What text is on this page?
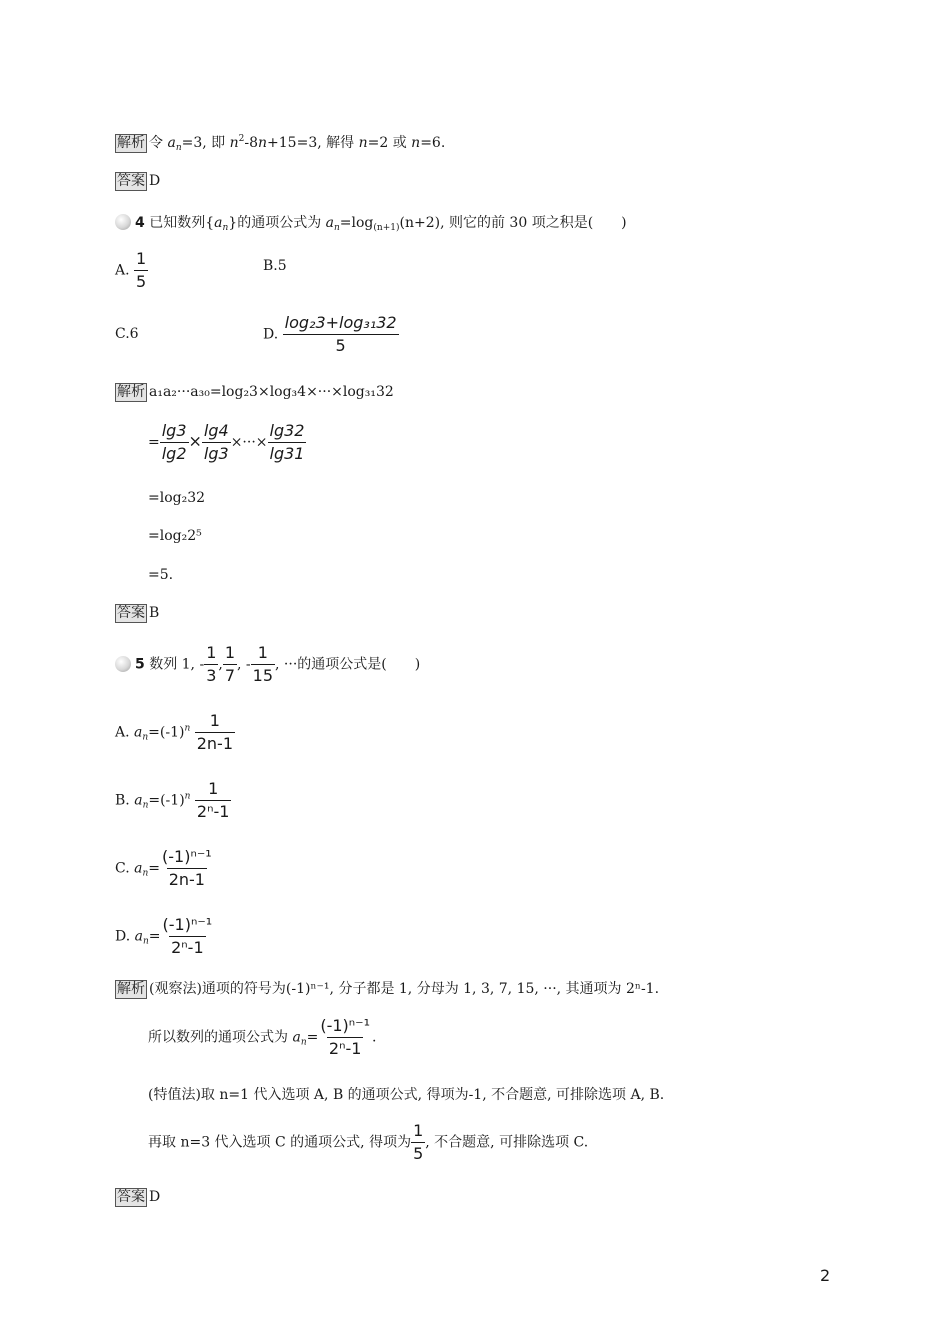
解析 令 $a_n=3$, 即 $n^2-8n+15=3$, 解得 n=2 或 n=6.
答案 D
4 已知数列$\{a_n\}$的通项公式为 $a_n=\log_{(n+1)}(n+2)$, 则它的前 30 项之积是(　　)
A. $\frac{1}{5}$	B.5
C.6	D. $\frac{\text{log₂3+log₃₁32}}{5}$
解析 a₁a₂···a₃₀=log₂3×log₃4×···×log₃₁32
= $\frac{\lg 3}{\lg 2} \times \frac{\lg 4}{\lg 3}$ ×···× $\frac{\lg 32}{\lg 31}$
=log₂32
=log₂2⁵
=5.
答案 B
5 数列 1, - $\frac{1}{3}$ , $\frac{1}{7}$ , - $\frac{1}{15}$ , ···的通项公式是(　　)
A. $a_n=(-1)^n \frac{1}{2n-1}$
B. $a_n=(-1)^n \frac{1}{\text{2ⁿ-1}}$
C. $a_n= \frac{\text{(-1)ⁿ⁻¹}}{2n-1}$
D. $a_n= \frac{\text{(-1)ⁿ⁻¹}}{\text{2ⁿ-1}}$
解析 (观察法)通项的符号为(-1)ⁿ⁻¹, 分子都是 1, 分母为 1, 3, 7, 15, ···, 其通项为 2ⁿ-1.
所以数列的通项公式为 $a_n= \frac{\text{(-1)ⁿ⁻¹}}{\text{2ⁿ-1}}$ .
(特值法)取 n=1 代入选项 A, B 的通项公式, 得项为-1, 不合题意, 可排除选项 A, B.
再取 n=3 代入选项 C 的通项公式, 得项为 $\frac{1}{5}$ , 不合题意, 可排除选项 C.
答案 D
2
